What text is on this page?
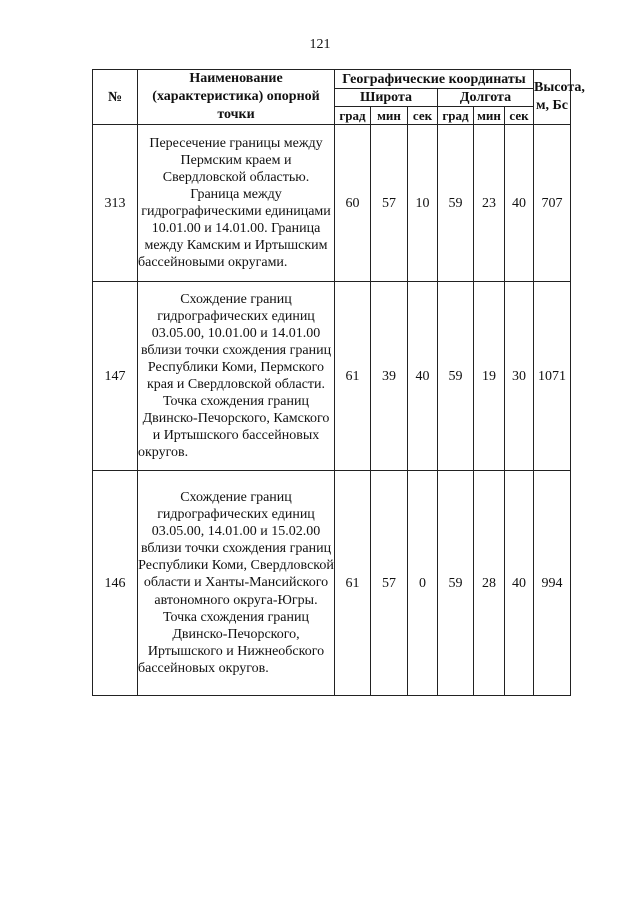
121
№	Наименование (характеристика) опорной точки	Географические координаты						Высота, м, Бс
		Широта			Долгота			
		град	мин	сек	град	мин	сек	
313	Пересечение границы между Пермским краем и Свердловской областью. Граница между гидрографическими единицами 10.01.00 и 14.01.00. Граница между Камским и Иртышским бассейновыми округами.	60	57	10	59	23	40	707
147	Схождение границ гидрографических единиц 03.05.00, 10.01.00 и 14.01.00 вблизи точки схождения границ Республики Коми, Пермского края и Свердловской области. Точка схождения границ Двинско-Печорского, Камского и Иртышского бассейновых округов.	61	39	40	59	19	30	1071
146	Схождение границ гидрографических единиц 03.05.00, 14.01.00 и 15.02.00 вблизи точки схождения границ Республики Коми, Свердловской области и Ханты-Мансийского автономного округа-Югры. Точка схождения границ Двинско-Печорского, Иртышского и Нижнеобского бассейновых округов.	61	57	0	59	28	40	994
